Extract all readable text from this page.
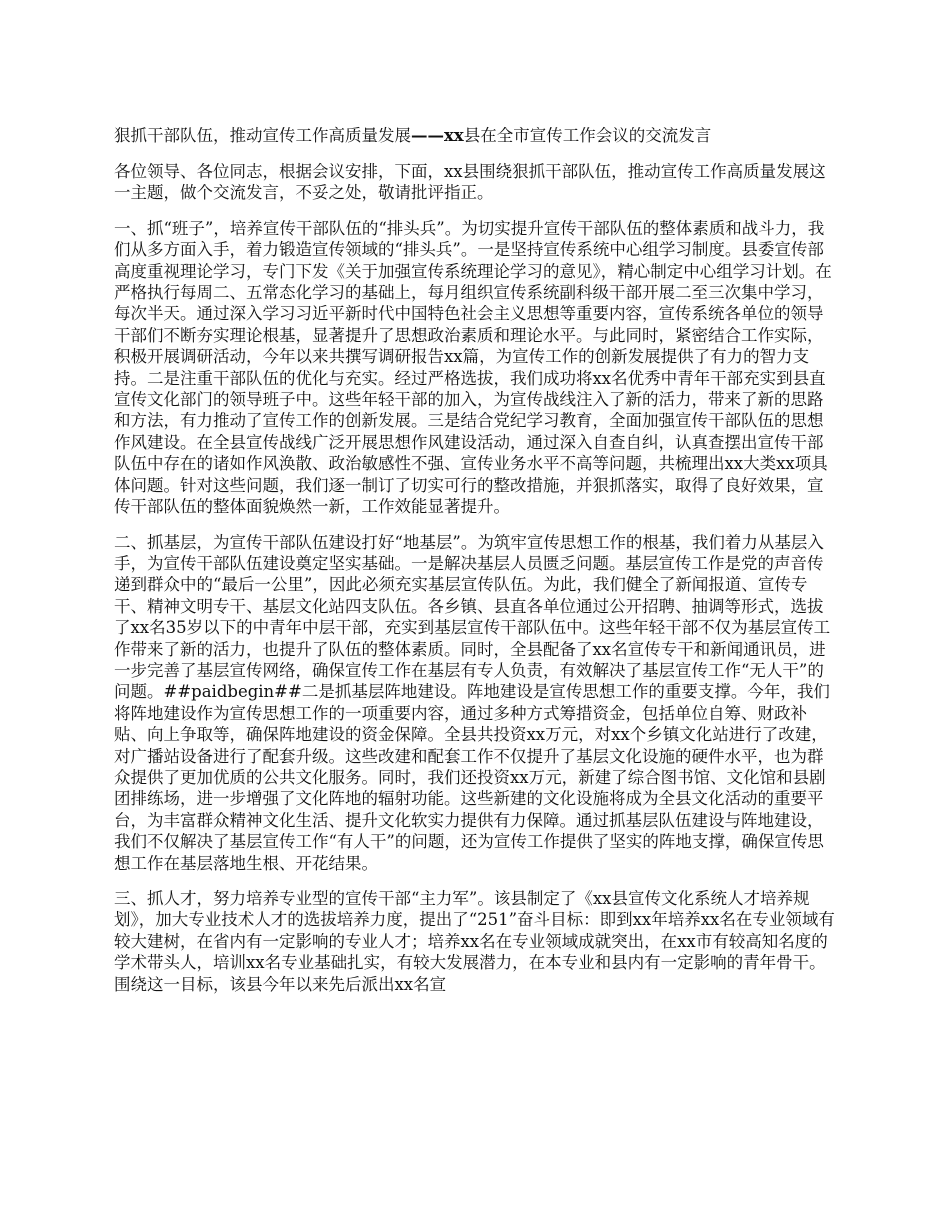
狠抓干部队伍，推动宣传工作高质量发展——xx县在全市宣传工作会议的交流发言

各位领导、各位同志，根据会议安排，下面，xx县围绕狠抓干部队伍，推动宣传工作高质量发展这一主题，做个交流发言，不妥之处，敬请批评指正。

一、抓“班子”，培养宣传干部队伍的“排头兵”。为切实提升宣传干部队伍的整体素质和战斗力，我们从多方面入手，着力锻造宣传领域的“排头兵”。一是坚持宣传系统中心组学习制度。县委宣传部高度重视理论学习，专门下发《关于加强宣传系统理论学习的意见》，精心制定中心组学习计划。在严格执行每周二、五常态化学习的基础上，每月组织宣传系统副科级干部开展二至三次集中学习，每次半天。通过深入学习习近平新时代中国特色社会主义思想等重要内容，宣传系统各单位的领导干部们不断夯实理论根基，显著提升了思想政治素质和理论水平。与此同时，紧密结合工作实际，积极开展调研活动，今年以来共撰写调研报告xx篇，为宣传工作的创新发展提供了有力的智力支持。二是注重干部队伍的优化与充实。经过严格选拔，我们成功将xx名优秀中青年干部充实到县直宣传文化部门的领导班子中。这些年轻干部的加入，为宣传战线注入了新的活力，带来了新的思路和方法，有力推动了宣传工作的创新发展。三是结合党纪学习教育，全面加强宣传干部队伍的思想作风建设。在全县宣传战线广泛开展思想作风建设活动，通过深入自查自纠，认真查摆出宣传干部队伍中存在的诸如作风涣散、政治敏感性不强、宣传业务水平不高等问题，共梳理出xx大类xx项具体问题。针对这些问题，我们逐一制订了切实可行的整改措施，并狠抓落实，取得了良好效果，宣传干部队伍的整体面貌焕然一新，工作效能显著提升。

二、抓基层，为宣传干部队伍建设打好“地基层”。为筑牢宣传思想工作的根基，我们着力从基层入手，为宣传干部队伍建设奠定坚实基础。一是解决基层人员匮乏问题。基层宣传工作是党的声音传递到群众中的“最后一公里”，因此必须充实基层宣传队伍。为此，我们健全了新闻报道、宣传专干、精神文明专干、基层文化站四支队伍。各乡镇、县直各单位通过公开招聘、抽调等形式，选拔了xx名35岁以下的中青年中层干部，充实到基层宣传干部队伍中。这些年轻干部不仅为基层宣传工作带来了新的活力，也提升了队伍的整体素质。同时，全县配备了xx名宣传专干和新闻通讯员，进一步完善了基层宣传网络，确保宣传工作在基层有专人负责，有效解决了基层宣传工作“无人干”的问题。##paidbegin##二是抓基层阵地建设。阵地建设是宣传思想工作的重要支撑。今年，我们将阵地建设作为宣传思想工作的一项重要内容，通过多种方式筹措资金，包括单位自筹、财政补贴、向上争取等，确保阵地建设的资金保障。全县共投资xx万元，对xx个乡镇文化站进行了改建，对广播站设备进行了配套升级。这些改建和配套工作不仅提升了基层文化设施的硬件水平，也为群众提供了更加优质的公共文化服务。同时，我们还投资xx万元，新建了综合图书馆、文化馆和县剧团排练场，进一步增强了文化阵地的辐射功能。这些新建的文化设施将成为全县文化活动的重要平台，为丰富群众精神文化生活、提升文化软实力提供有力保障。通过抓基层队伍建设与阵地建设，我们不仅解决了基层宣传工作“有人干”的问题，还为宣传工作提供了坚实的阵地支撑，确保宣传思想工作在基层落地生根、开花结果。

三、抓人才，努力培养专业型的宣传干部“主力军”。该县制定了《xx县宣传文化系统人才培养规划》，加大专业技术人才的选拔培养力度，提出了“251”奋斗目标：即到xx年培养xx名在专业领域有较大建树，在省内有一定影响的专业人才；培养xx名在专业领域成就突出，在xx市有较高知名度的学术带头人，培训xx名专业基础扎实，有较大发展潜力，在本专业和县内有一定影响的青年骨干。围绕这一目标，该县今年以来先后派出xx名宣
